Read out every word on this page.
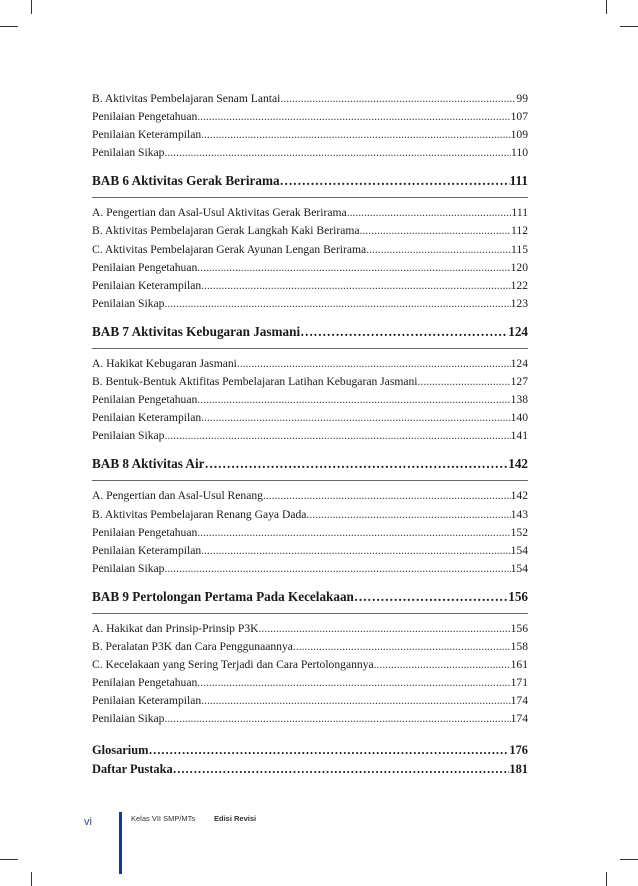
B. Aktivitas Pembelajaran Senam Lantai .....	99
Penilaian Pengetahuan .....	107
Penilaian Keterampilan .....	109
Penilaian Sikap .....	110
BAB 6 Aktivitas Gerak Berirama ………………………………………………………………………………………………………………………………………………………………	111
A. Pengertian dan Asal-Usul Aktivitas Gerak Berirama .....	111
B. Aktivitas Pembelajaran Gerak Langkah Kaki Berirama .....	112
C. Aktivitas Pembelajaran Gerak Ayunan Lengan Berirama .....	115
Penilaian Pengetahuan .....	120
Penilaian Keterampilan .....	122
Penilaian Sikap .....	123
BAB 7 Aktivitas Kebugaran Jasmani ………………………………………………………………………………………………………………………………………………………………	124
A. Hakikat Kebugaran Jasmani .....	124
B. Bentuk-Bentuk Aktifitas Pembelajaran Latihan Kebugaran Jasmani .....	127
Penilaian Pengetahuan .....	138
Penilaian Keterampilan .....	140
Penilaian Sikap .....	141
BAB 8 Aktivitas Air ………………………………………………………………………………………………………………………………………………………………	142
A. Pengertian dan Asal-Usul Renang .....	142
B. Aktivitas Pembelajaran Renang Gaya Dada .....	143
Penilaian Pengetahuan .....	152
Penilaian Keterampilan .....	154
Penilaian Sikap .....	154
BAB 9 Pertolongan Pertama Pada Kecelakaan ………………………………………………………………………………………………………………………………………………………………	156
A. Hakikat dan Prinsip-Prinsip P3K .....	156
B. Peralatan P3K dan Cara Penggunaannya .....	158
C. Kecelakaan yang Sering Terjadi dan Cara Pertolongannya .....	161
Penilaian Pengetahuan .....	171
Penilaian Keterampilan .....	174
Penilaian Sikap .....	174
Glosarium ………………………………………………………………………………………………………………………………………………………………	176
Daftar Pustaka ………………………………………………………………………………………………………………………………………………………………	181
vi	Kelas VII SMP/MTs	Edisi Revisi
